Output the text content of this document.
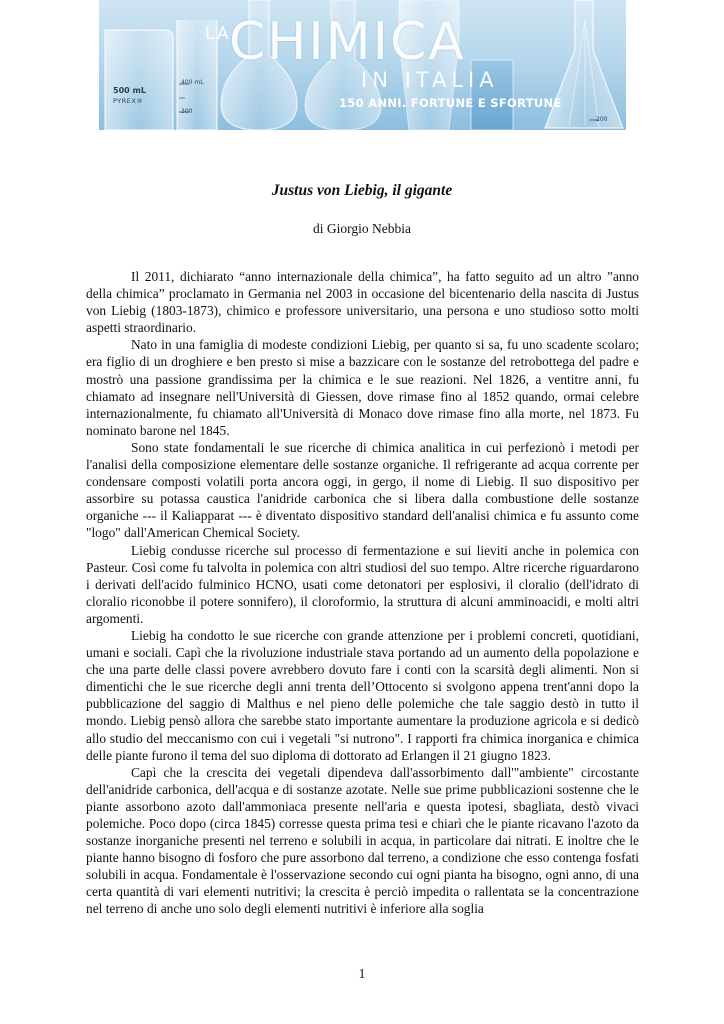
500 mL
PYREX®
400 mL
300
200
LA
CHIMICA
IN ITALIA
150 ANNI. FORTUNE E SFORTUNE
Justus von Liebig, il gigante
di Giorgio Nebbia

Il 2011, dichiarato “anno internazionale della chimica”, ha fatto seguito ad un altro ”anno della chimica” proclamato in Germania nel 2003 in occasione del bicentenario della nascita di Justus von Liebig (1803-1873), chimico e professore universitario, una persona e uno studioso sotto molti aspetti straordinario.

Nato in una famiglia di modeste condizioni Liebig, per quanto si sa, fu uno scadente scolaro; era figlio di un droghiere e ben presto si mise a bazzicare con le sostanze del retrobottega del padre e mostrò una passione grandissima per la chimica e le sue reazioni. Nel 1826, a ventitre anni, fu chiamato ad insegnare nell'Università di Giessen, dove rimase fino al 1852 quando, ormai celebre internazionalmente, fu chiamato all'Università di Monaco dove rimase fino alla morte, nel 1873. Fu nominato barone nel 1845.

Sono state fondamentali le sue ricerche di chimica analitica in cui perfezionò i metodi per l'analisi della composizione elementare delle sostanze organiche. Il refrigerante ad acqua corrente per condensare composti volatili porta ancora oggi, in gergo, il nome di Liebig. Il suo dispositivo per assorbire su potassa caustica l'anidride carbonica che si libera dalla combustione delle sostanze organiche --- il Kaliapparat --- è diventato dispositivo standard dell'analisi chimica e fu assunto come "logo" dall'American Chemical Society.

Liebig condusse ricerche sul processo di fermentazione e sui lieviti anche in polemica con Pasteur. Così come fu talvolta in polemica con altri studiosi del suo tempo. Altre ricerche riguardarono i derivati dell'acido fulminico HCNO, usati come detonatori per esplosivi, il cloralio (dell'idrato di cloralio riconobbe il potere sonnifero), il cloroformio, la struttura di alcuni amminoacidi, e molti altri argomenti.

Liebig ha condotto le sue ricerche con grande attenzione per i problemi concreti, quotidiani, umani e sociali. Capì che la rivoluzione industriale stava portando ad un aumento della popolazione e che una parte delle classi povere avrebbero dovuto fare i conti con la scarsità degli alimenti. Non si dimentichi che le sue ricerche degli anni trenta dell’Ottocento si svolgono appena trent'anni dopo la pubblicazione del saggio di Malthus e nel pieno delle polemiche che tale saggio destò in tutto il mondo. Liebig pensò allora che sarebbe stato importante aumentare la produzione agricola e si dedicò allo studio del meccanismo con cui i vegetali "si nutrono". I rapporti fra chimica inorganica e chimica delle piante furono il tema del suo diploma di dottorato ad Erlangen il 21 giugno 1823.

Capì che la crescita dei vegetali dipendeva dall'assorbimento dall'"ambiente" circostante dell'anidride carbonica, dell'acqua e di sostanze azotate. Nelle sue prime pubblicazioni sostenne che le piante assorbono azoto dall'ammoniaca presente nell'aria e questa ipotesi, sbagliata, destò vivaci polemiche. Poco dopo (circa 1845) corresse questa prima tesi e chiarì che le piante ricavano l'azoto da sostanze inorganiche presenti nel terreno e solubili in acqua, in particolare dai nitrati. E inoltre che le piante hanno bisogno di fosforo che pure assorbono dal terreno, a condizione che esso contenga fosfati solubili in acqua. Fondamentale è l'osservazione secondo cui ogni pianta ha bisogno, ogni anno, di una certa quantità di vari elementi nutritivi; la crescita è perciò impedita o rallentata se la concentrazione nel terreno di anche uno solo degli elementi nutritivi è inferiore alla soglia

1
